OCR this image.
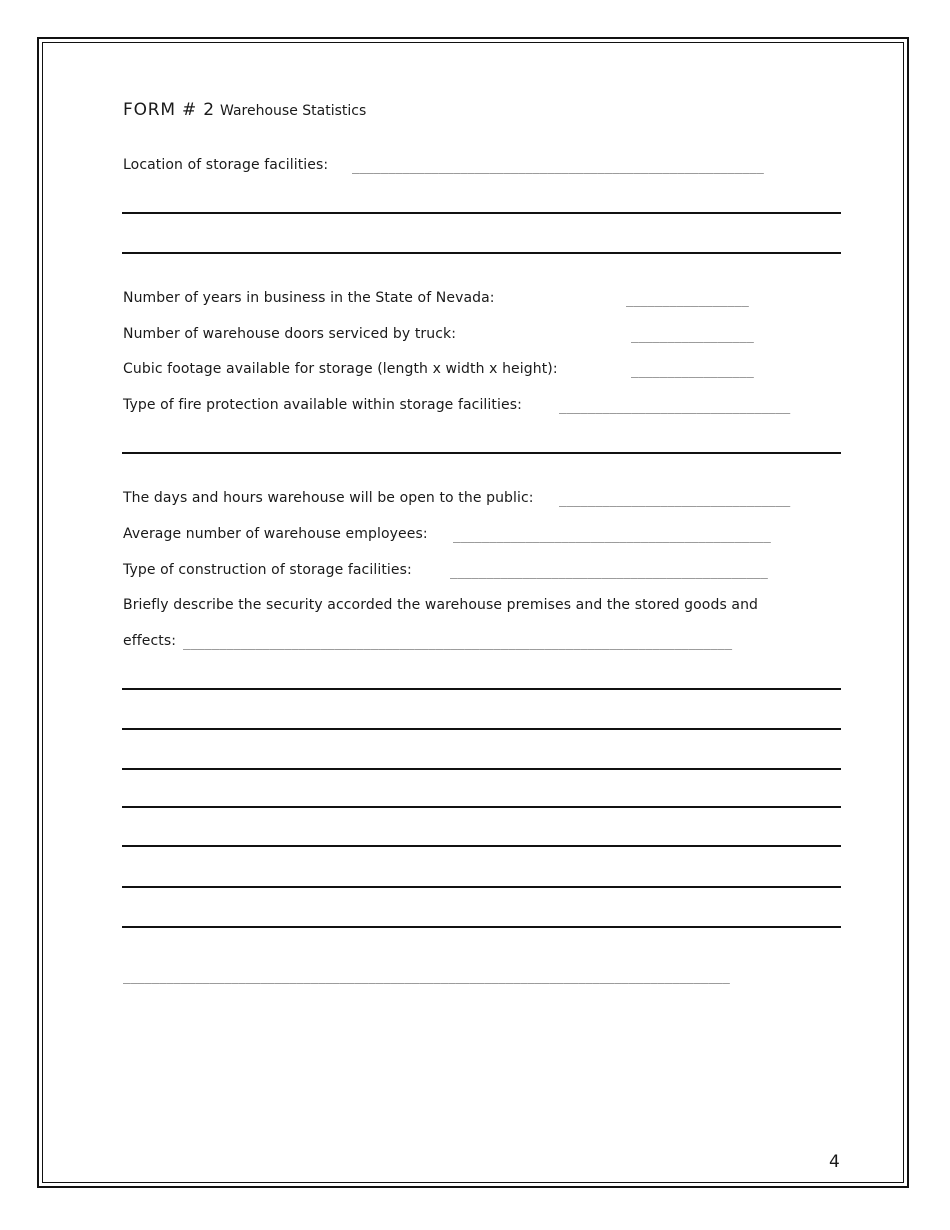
FORM # 2 Warehouse Statistics
Location of storage facilities: _________________________________________________________
Number of years in business in the State of Nevada:	_________________
Number of warehouse doors serviced by truck:	_________________
Cubic footage available for storage (length x width x height):	_________________
Type of fire protection available within storage facilities:	________________________________
The days and hours warehouse will be open to the public: ________________________________
Average number of warehouse employees: ____________________________________________
Type of construction of storage facilities:	____________________________________________
Briefly describe the security accorded the warehouse premises and the stored goods and
effects: ____________________________________________________________________________
____________________________________________________________________________________
4
